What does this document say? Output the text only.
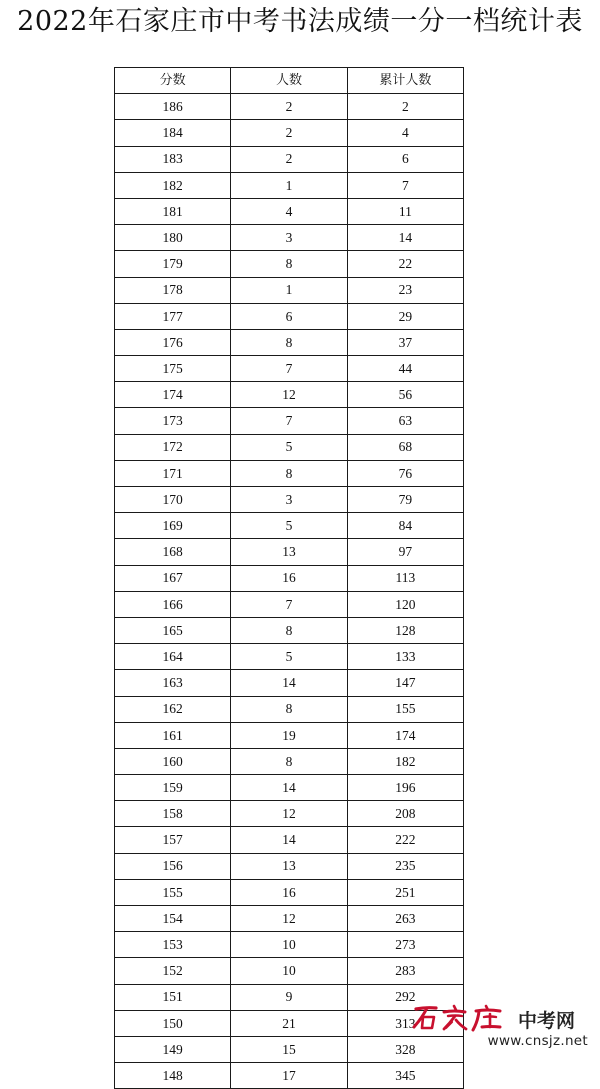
2022年石家庄市中考书法成绩一分一档统计表
分数	人数	累计人数
186	2	2
184	2	4
183	2	6
182	1	7
181	4	11
180	3	14
179	8	22
178	1	23
177	6	29
176	8	37
175	7	44
174	12	56
173	7	63
172	5	68
171	8	76
170	3	79
169	5	84
168	13	97
167	16	113
166	7	120
165	8	128
164	5	133
163	14	147
162	8	155
161	19	174
160	8	182
159	14	196
158	12	208
157	14	222
156	13	235
155	16	251
154	12	263
153	10	273
152	10	283
151	9	292
150	21	313
149	15	328
148	17	345
中考网
www.cnsjz.net
